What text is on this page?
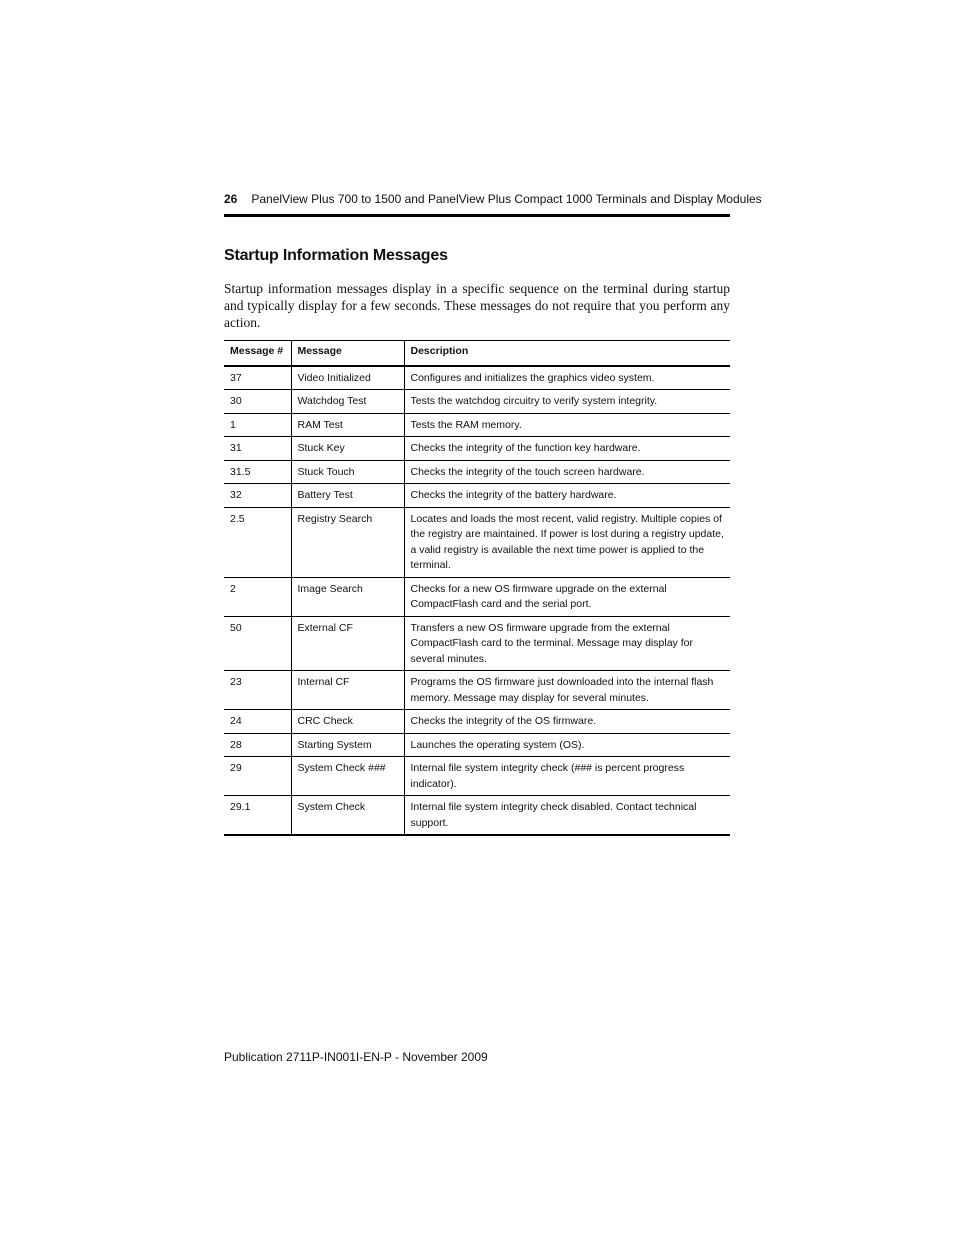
26 PanelView Plus 700 to 1500 and PanelView Plus Compact 1000 Terminals and Display Modules
Startup Information Messages

Startup information messages display in a specific sequence on the terminal during startup and typically display for a few seconds. These messages do not require that you perform any action.

Message #	Message	Description
37	Video Initialized	Configures and initializes the graphics video system.
30	Watchdog Test	Tests the watchdog circuitry to verify system integrity.
1	RAM Test	Tests the RAM memory.
31	Stuck Key	Checks the integrity of the function key hardware.
31.5	Stuck Touch	Checks the integrity of the touch screen hardware.
32	Battery Test	Checks the integrity of the battery hardware.
2.5	Registry Search	Locates and loads the most recent, valid registry. Multiple copies of the registry are maintained. If power is lost during a registry update, a valid registry is available the next time power is applied to the terminal.
2	Image Search	Checks for a new OS firmware upgrade on the external CompactFlash card and the serial port.
50	External CF	Transfers a new OS firmware upgrade from the external CompactFlash card to the terminal. Message may display for several minutes.
23	Internal CF	Programs the OS firmware just downloaded into the internal flash memory. Message may display for several minutes.
24	CRC Check	Checks the integrity of the OS firmware.
28	Starting System	Launches the operating system (OS).
29	System Check ###	Internal file system integrity check (### is percent progress indicator).
29.1	System Check	Internal file system integrity check disabled. Contact technical support.
Publication 2711P-IN001I-EN-P - November 2009
